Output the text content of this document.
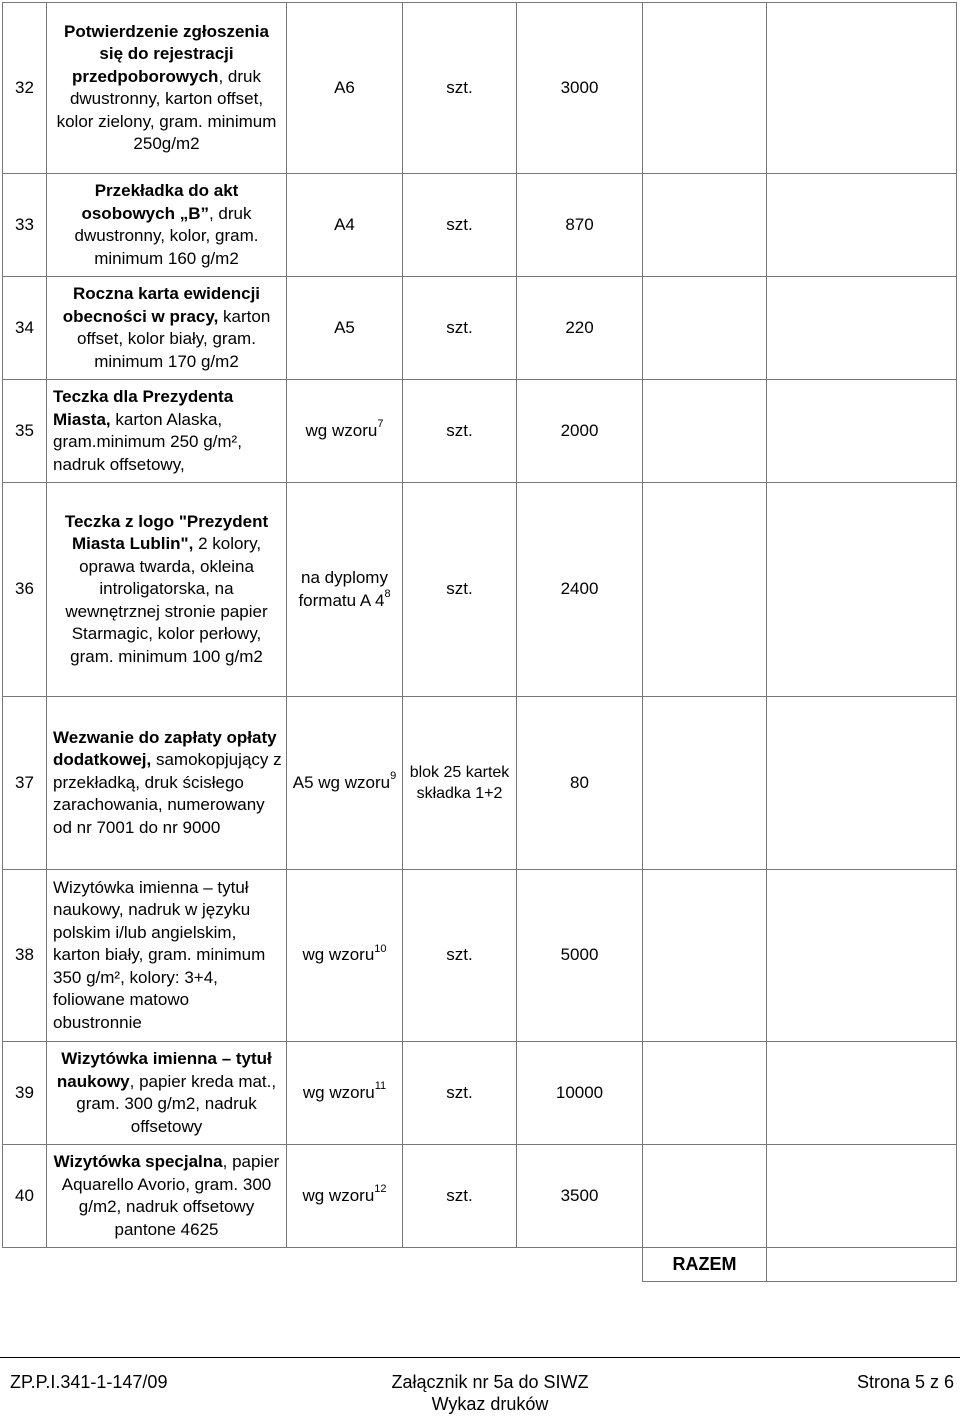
32	Potwierdzenie zgłoszenia się do rejestracji przedpoborowych, druk dwustronny, karton offset, kolor zielony, gram. minimum 250g/m2	A6	szt.	3000		
33	Przekładka do akt osobowych „B”, druk dwustronny, kolor, gram. minimum 160 g/m2	A4	szt.	870		
34	Roczna karta ewidencji obecności w pracy, karton offset, kolor biały, gram. minimum 170 g/m2	A5	szt.	220		
35	Teczka dla Prezydenta Miasta, karton Alaska, gram.minimum 250 g/m², nadruk offsetowy,	wg wzoru$^7$	szt.	2000		
36	Teczka z logo "Prezydent Miasta Lublin", 2 kolory, oprawa twarda, okleina introligatorska, na wewnętrznej stronie papier Starmagic, kolor perłowy, gram. minimum 100 g/m2	na dyplomy formatu A $4^8$	szt.	2400		
37	Wezwanie do zapłaty opłaty dodatkowej, samokopjujący z przekładką, druk ścisłego zarachowania, numerowany od nr 7001 do nr 9000	A5 wg wzoru$^9$	blok 25 kartek składka 1+2	80		
38	Wizytówka imienna – tytuł naukowy, nadruk w języku polskim i/lub angielskim, karton biały, gram. minimum 350 g/m², kolory: 3+4, foliowane matowo obustronnie	wg wzoru$^{10}$	szt.	5000		
39	Wizytówka imienna – tytuł naukowy, papier kreda mat., gram. 300 g/m2, nadruk offsetowy	wg wzoru$^{11}$	szt.	10000		
40	Wizytówka specjalna, papier Aquarello Avorio, gram. 300 g/m2, nadruk offsetowy pantone 4625	wg wzoru$^{12}$	szt.	3500		
					RAZEM	
ZP.P.I.341-1-147/09	Załącznik nr 5a do SIWZ
Wykaz druków
Strona 5 z 6
